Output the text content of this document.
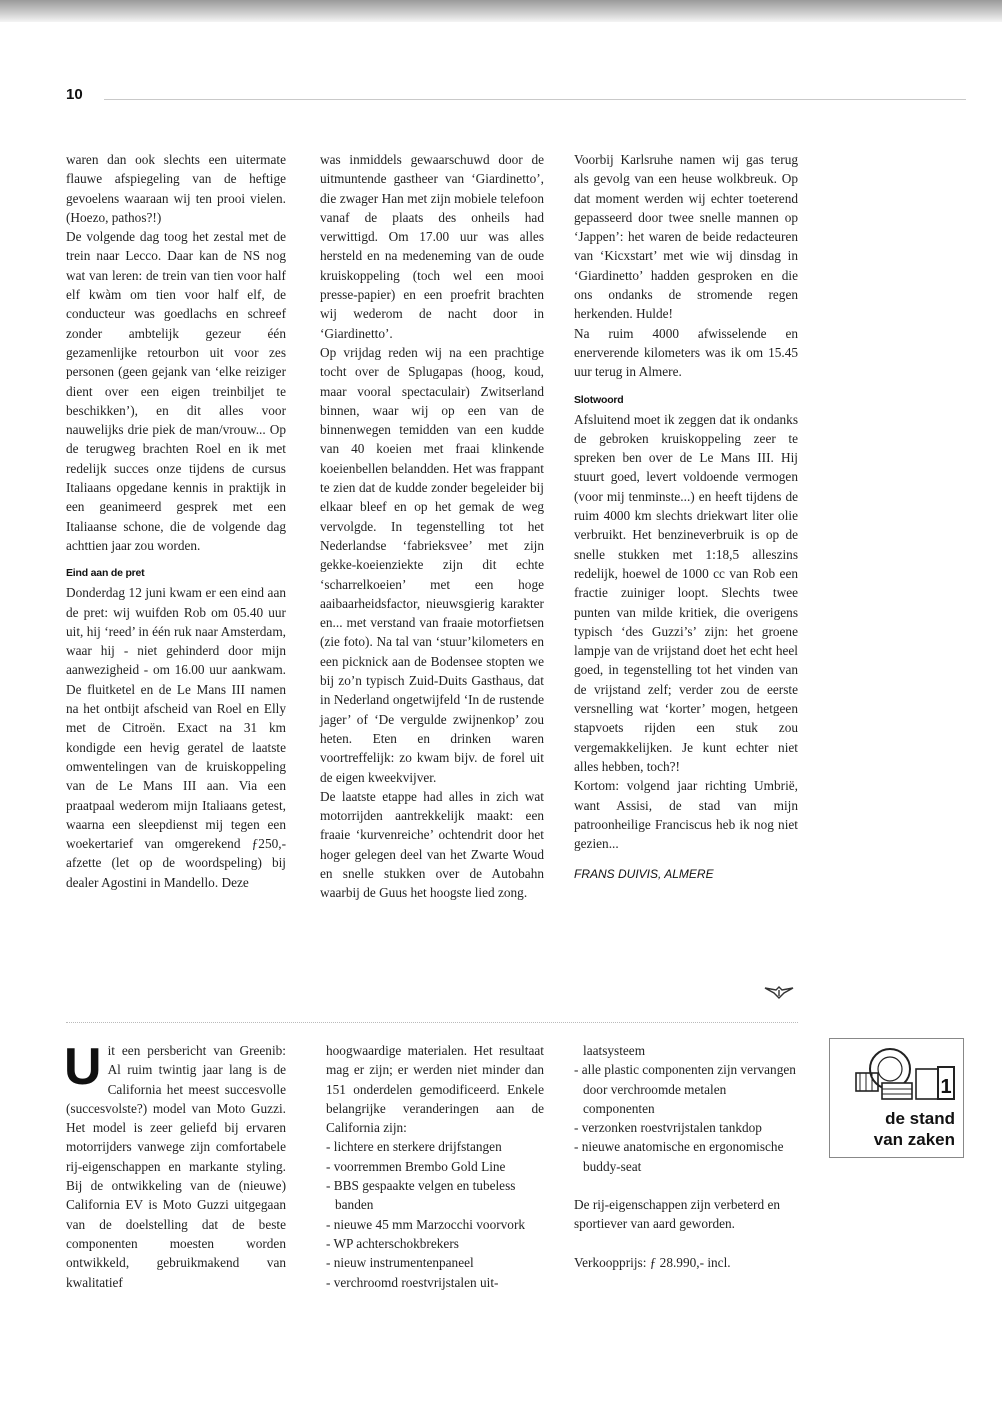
10

waren dan ook slechts een uitermate flauwe afspiegeling van de heftige gevoelens waaraan wij ten prooi vielen. (Hoezo, pathos?!)

De volgende dag toog het zestal met de trein naar Lecco. Daar kan de NS nog wat van leren: de trein van tien voor half elf kwàm om tien voor half elf, de conducteur was goedlachs en schreef zonder ambtelijk gezeur één gezamenlijke retourbon uit voor zes personen (geen gejank van ‘elke reiziger dient over een eigen treinbiljet te beschikken’), en dit alles voor nauwelijks drie piek de man/vrouw... Op de terugweg brachten Roel en ik met redelijk succes onze tijdens de cursus Italiaans opgedane kennis in praktijk in een geanimeerd gesprek met een Italiaanse schone, die de volgende dag achttien jaar zou worden.

Eind aan de pret

Donderdag 12 juni kwam er een eind aan de pret: wij wuifden Rob om 05.40 uur uit, hij ‘reed’ in één ruk naar Amsterdam, waar hij - niet gehinderd door mijn aanwezigheid - om 16.00 uur aankwam. De fluitketel en de Le Mans III namen na het ontbijt afscheid van Roel en Elly met de Citroën. Exact na 31 km kondigde een hevig geratel de laatste omwentelingen van de kruiskoppeling van de Le Mans III aan. Via een praatpaal wederom mijn Italiaans getest, waarna een sleepdienst mij tegen een woekertarief van omgerekend ƒ250,- afzette (let op de woordspeling) bij dealer Agostini in Mandello. Deze

was inmiddels gewaarschuwd door de uitmuntende gastheer van ‘Giardinetto’, die zwager Han met zijn mobiele telefoon vanaf de plaats des onheils had verwittigd. Om 17.00 uur was alles hersteld en na medeneming van de oude kruiskoppeling (toch wel een mooi presse-papier) en een proefrit brachten wij wederom de nacht door in ‘Giardinetto’.

Op vrijdag reden wij na een prachtige tocht over de Splugapas (hoog, koud, maar vooral spectaculair) Zwitserland binnen, waar wij op een van de binnenwegen temidden van een kudde van 40 koeien met fraai klinkende koeienbellen belandden. Het was frappant te zien dat de kudde zonder begeleider bij elkaar bleef en op het gemak de weg vervolgde. In tegenstelling tot het Nederlandse ‘fabrieksvee’ met zijn gekke-koeienziekte zijn dit echte ‘scharrelkoeien’ met een hoge aaibaarheidsfactor, nieuwsgierig karakter en... met verstand van fraaie motorfietsen (zie foto). Na tal van ‘stuur’kilometers en een picknick aan de Bodensee stopten we bij zo’n typisch Zuid-Duits Gasthaus, dat in Nederland ongetwijfeld ‘In de rustende jager’ of ‘De vergulde zwijnenkop’ zou heten. Eten en drinken waren voortreffelijk: zo kwam bijv. de forel uit de eigen kweekvijver.

De laatste etappe had alles in zich wat motorrijden aantrekkelijk maakt: een fraaie ‘kurvenreiche’ ochtendrit door het hoger gelegen deel van het Zwarte Woud en snelle stukken over de Autobahn waarbij de Guus het hoogste lied zong.

Voorbij Karlsruhe namen wij gas terug als gevolg van een heuse wolkbreuk. Op dat moment werden wij echter toeterend gepasseerd door twee snelle mannen op ‘Jappen’: het waren de beide redacteuren van ‘Kicxstart’ met wie wij dinsdag in ‘Giardinetto’ hadden gesproken en die ons ondanks de stromende regen herkenden. Hulde!

Na ruim 4000 afwisselende en enerverende kilometers was ik om 15.45 uur terug in Almere.

Slotwoord

Afsluitend moet ik zeggen dat ik ondanks de gebroken kruiskoppeling zeer te spreken ben over de Le Mans III. Hij stuurt goed, levert voldoende vermogen (voor mij tenminste...) en heeft tijdens de ruim 4000 km slechts driekwart liter olie verbruikt. Het benzineverbruik is op de snelle stukken met 1:18,5 alleszins redelijk, hoewel de 1000 cc van Rob een fractie zuiniger loopt. Slechts twee punten van milde kritiek, die overigens typisch ‘des Guzzi’s’ zijn: het groene lampje van de vrijstand doet het echt heel goed, in tegenstelling tot het vinden van de vrijstand zelf; verder zou de eerste versnelling wat ‘korter’ mogen, hetgeen stapvoets rijden een stuk zou vergemakkelijken. Je kunt echter niet alles hebben, toch?!

Kortom: volgend jaar richting Umbrië, want Assisi, de stad van mijn patroonheilige Franciscus heb ik nog niet gezien...

FRANS DUIVIS, ALMERE
Uit een persbericht van Greenib: Al ruim twintig jaar lang is de California het meest succesvolle (succesvolste?) model van Moto Guzzi. Het model is zeer geliefd bij ervaren motorrijders vanwege zijn comfortabele rij-eigenschappen en markante styling. Bij de ontwikkeling van de (nieuwe) California EV is Moto Guzzi uitgegaan van de doelstelling dat de beste componenten moesten worden ontwikkeld, gebruikmakend van kwalitatief
hoogwaardige materialen. Het resultaat mag er zijn; er werden niet minder dan 151 onderdelen gemodificeerd. Enkele belangrijke veranderingen aan de California zijn:
- lichtere en sterkere drijfstangen
- voorremmen Brembo Gold Line
- BBS gespaakte velgen en tubeless banden
- nieuwe 45 mm Marzocchi voorvork
- WP achterschokbrekers
- nieuw instrumentenpaneel
- verchroomd roestvrijstalen uit-
laatsysteem
- alle plastic componenten zijn vervangen door verchroomde metalen componenten
- verzonken roestvrijstalen tankdop
- nieuwe anatomische en ergonomische buddy-seat
De rij-eigenschappen zijn verbeterd en sportiever van aard geworden.
Verkoopprijs: ƒ 28.990,- incl.
1
de stand
van zaken
